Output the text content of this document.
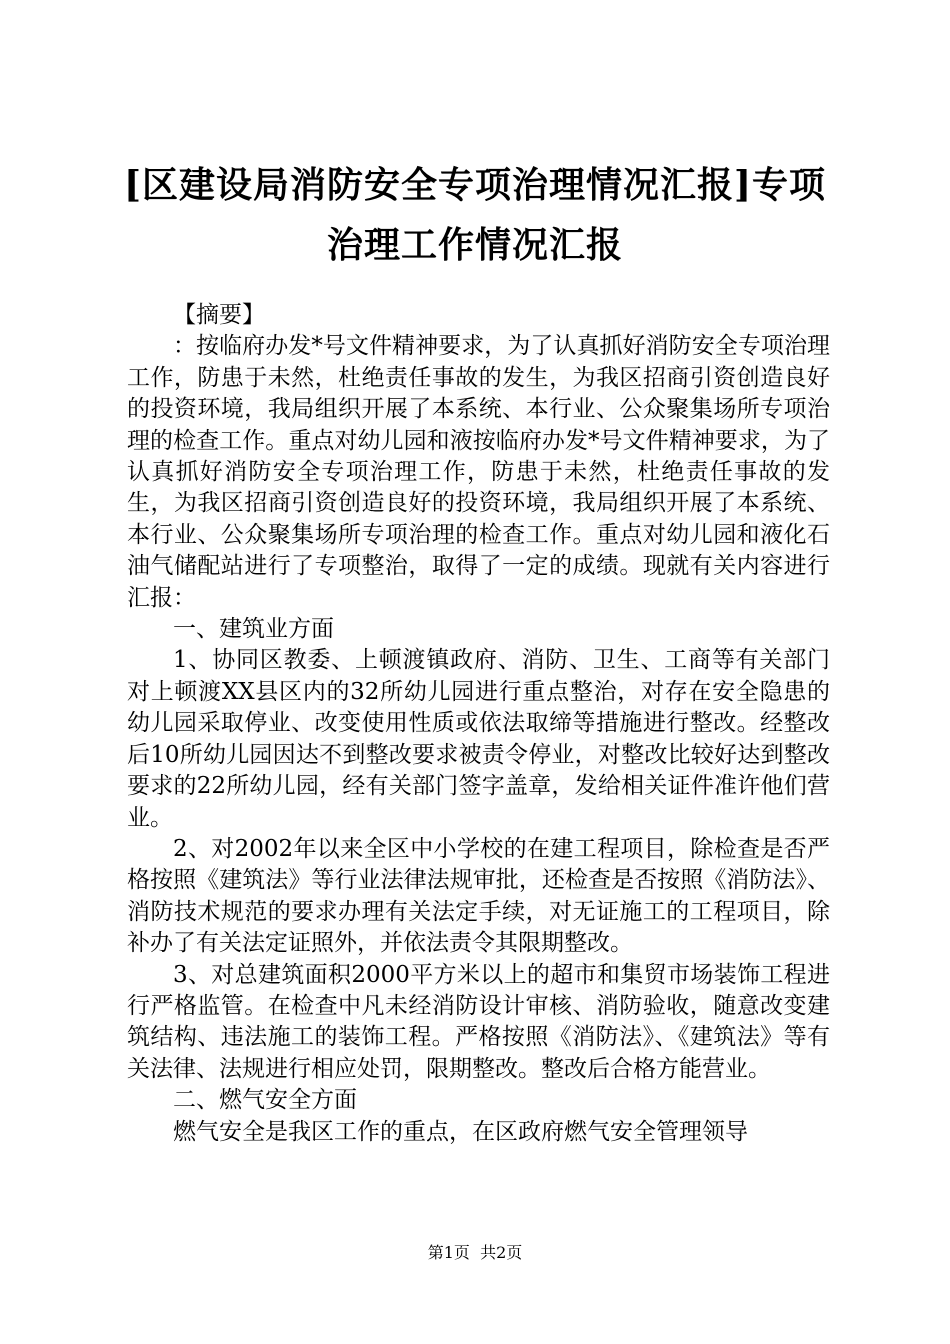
[区建设局消防安全专项治理情况汇报]专项治理工作情况汇报

【摘要】

：按临府办发*号文件精神要求，为了认真抓好消防安全专项治理工作，防患于未然，杜绝责任事故的发生，为我区招商引资创造良好的投资环境，我局组织开展了本系统、本行业、公众聚集场所专项治理的检查工作。重点对幼儿园和液按临府办发*号文件精神要求，为了认真抓好消防安全专项治理工作，防患于未然，杜绝责任事故的发生，为我区招商引资创造良好的投资环境，我局组织开展了本系统、本行业、公众聚集场所专项治理的检查工作。重点对幼儿园和液化石油气储配站进行了专项整治，取得了一定的成绩。现就有关内容进行汇报：

一、建筑业方面

1、协同区教委、上顿渡镇政府、消防、卫生、工商等有关部门对上顿渡XX县区内的32所幼儿园进行重点整治，对存在安全隐患的幼儿园采取停业、改变使用性质或依法取缔等措施进行整改。经整改后10所幼儿园因达不到整改要求被责令停业，对整改比较好达到整改要求的22所幼儿园，经有关部门签字盖章，发给相关证件准许他们营业。

2、对2002年以来全区中小学校的在建工程项目，除检查是否严格按照《建筑法》等行业法律法规审批，还检查是否按照《消防法》、消防技术规范的要求办理有关法定手续，对无证施工的工程项目，除补办了有关法定证照外，并依法责令其限期整改。

3、对总建筑面积2000平方米以上的超市和集贸市场装饰工程进行严格监管。在检查中凡未经消防设计审核、消防验收，随意改变建筑结构、违法施工的装饰工程。严格按照《消防法》、《建筑法》等有关法律、法规进行相应处罚，限期整改。整改后合格方能营业。

二、燃气安全方面

燃气安全是我区工作的重点，在区政府燃气安全管理领导

第1页 共2页
